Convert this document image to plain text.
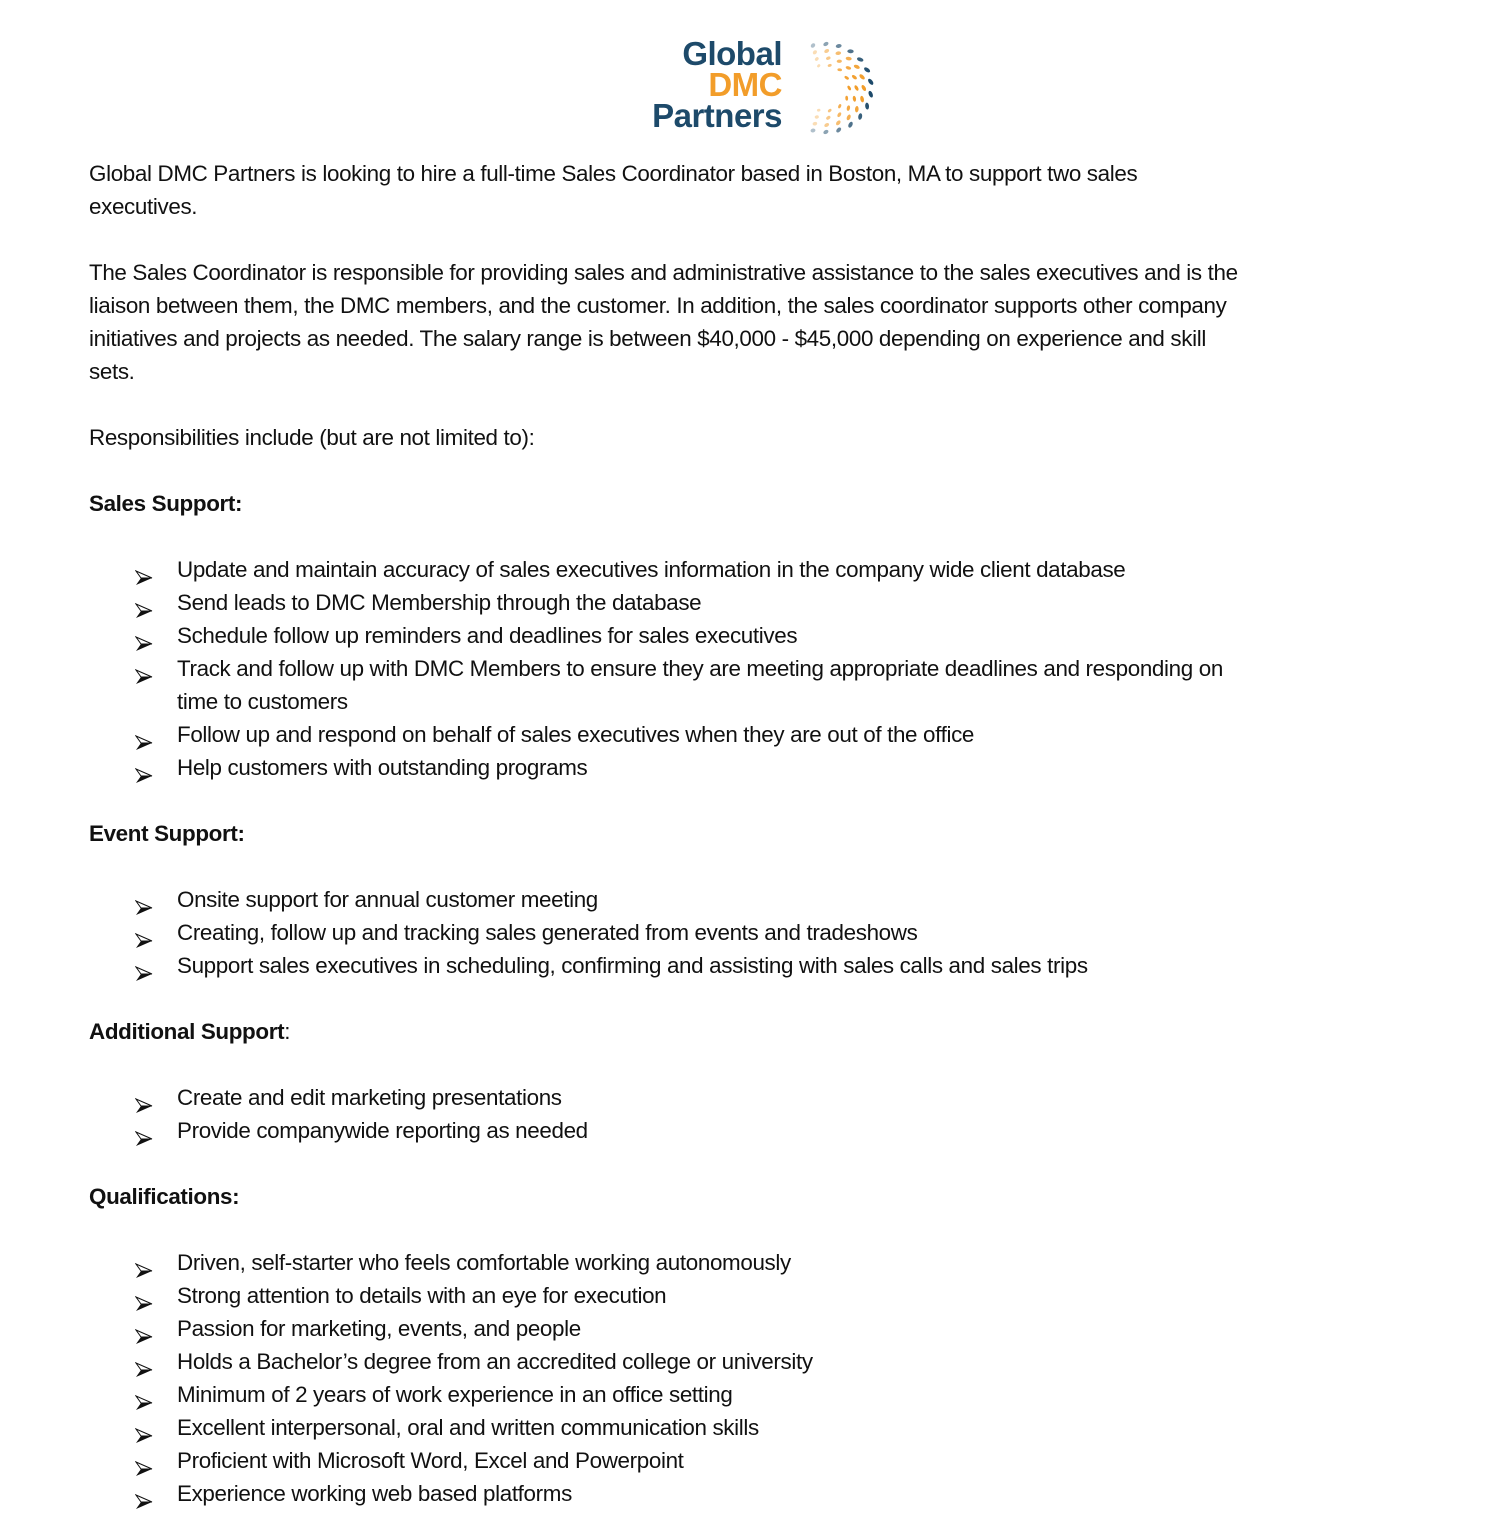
Global
DMC
Partners
Global DMC Partners is looking to hire a full-time Sales Coordinator based in Boston, MA to support two sales
executives.
The Sales Coordinator is responsible for providing sales and administrative assistance to the sales executives and is the
liaison between them, the DMC members, and the customer. In addition, the sales coordinator supports other company
initiatives and projects as needed. The salary range is between $40,000 - $45,000 depending on experience and skill
sets.
Responsibilities include (but are not limited to):
Sales Support:
Update and maintain accuracy of sales executives information in the company wide client database
Send leads to DMC Membership through the database
Schedule follow up reminders and deadlines for sales executives
Track and follow up with DMC Members to ensure they are meeting appropriate deadlines and responding on
time to customers
Follow up and respond on behalf of sales executives when they are out of the office
Help customers with outstanding programs
Event Support:
Onsite support for annual customer meeting
Creating, follow up and tracking sales generated from events and tradeshows
Support sales executives in scheduling, confirming and assisting with sales calls and sales trips
Additional Support:
Create and edit marketing presentations
Provide companywide reporting as needed
Qualifications:
Driven, self-starter who feels comfortable working autonomously
Strong attention to details with an eye for execution
Passion for marketing, events, and people
Holds a Bachelor’s degree from an accredited college or university
Minimum of 2 years of work experience in an office setting
Excellent interpersonal, oral and written communication skills
Proficient with Microsoft Word, Excel and Powerpoint
Experience working web based platforms
